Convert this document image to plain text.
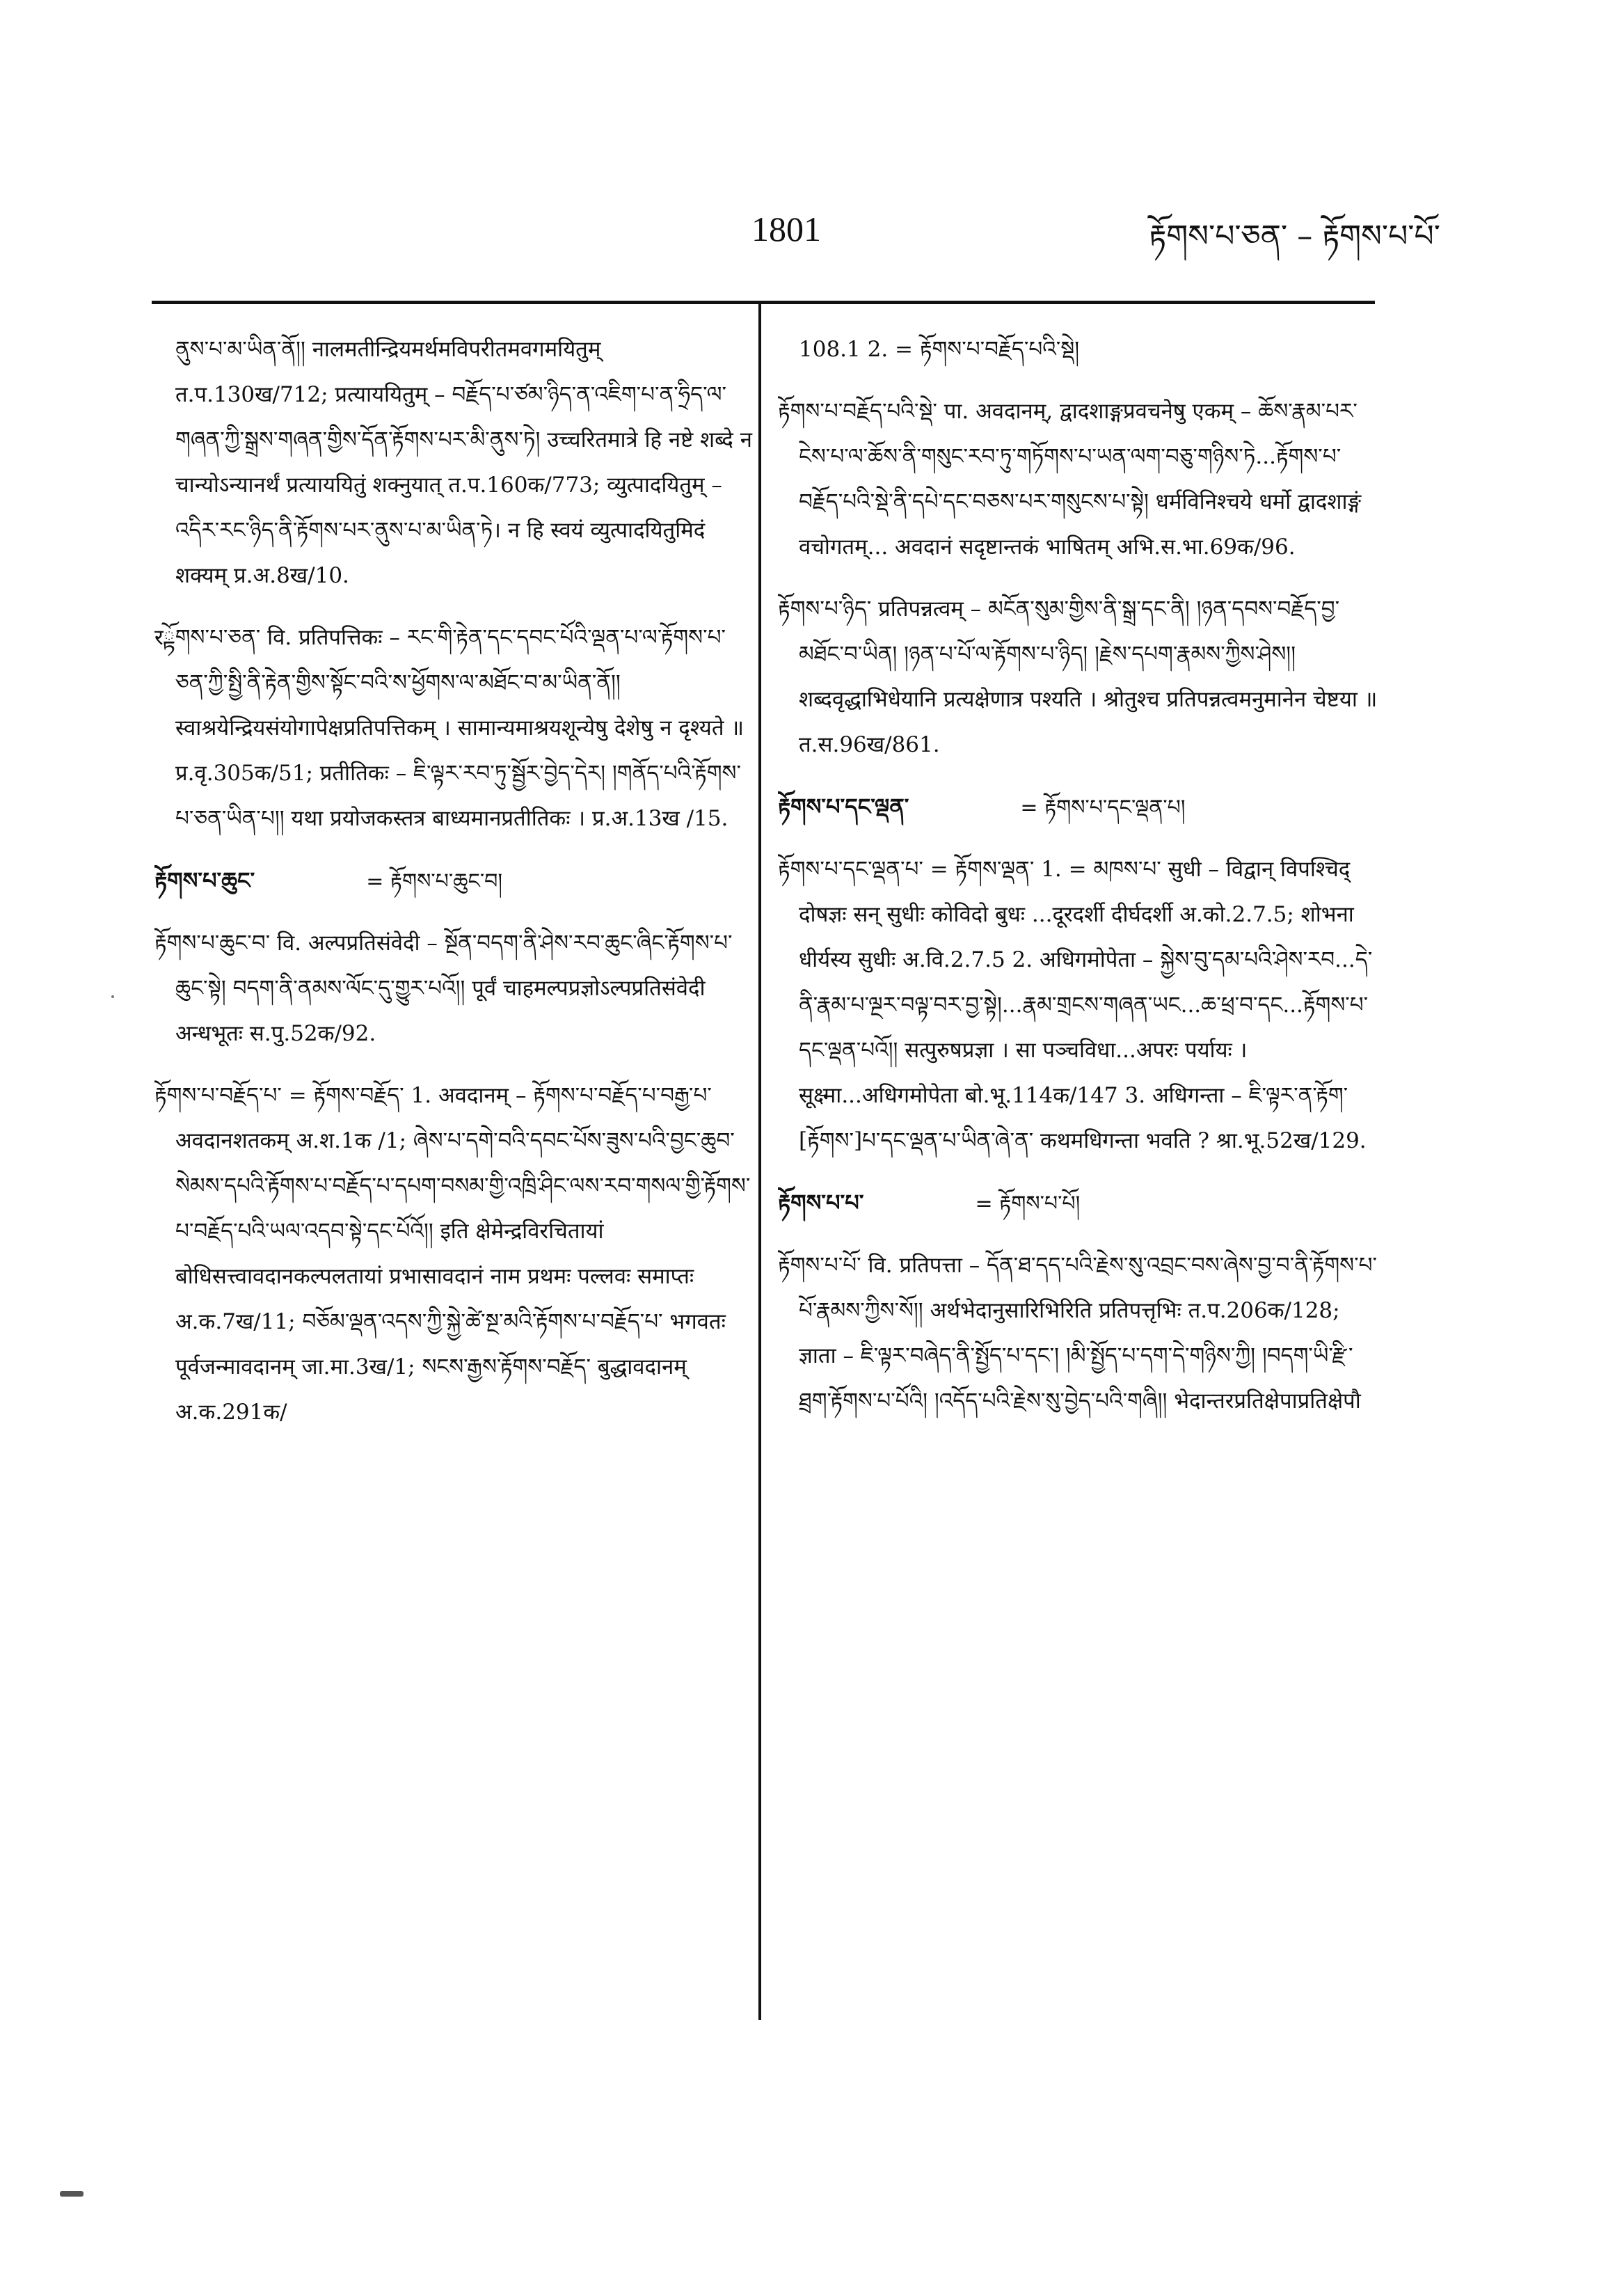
1801	རྟོགས་པ་ཅན་ – རྟོགས་པ་པོ་

ནུས་པ་མ་ཡིན་ནོ།། नालमतीन्द्रियमर्थमविपरीतमवगमयितुम् त.प.130ख/712; प्रत्याययितुम् – བརྗོད་པ་ཙམ་ཉིད་ན་འཇིག་པ་ན་ཧྲིད་ལ་གཞན་ཀྱི་སྒྲས་གཞན་གྱིས་དོན་རྟོགས་པར་མི་ནུས་ཏེ། उच्चरितमात्रे हि नष्टे शब्दे न चान्योऽन्यानर्थं प्रत्याययितुं शक्नुयात् त.प.160क/773; व्युत्पादयितुम् – འདིར་རང་ཉིད་ནི་རྟོགས་པར་ནུས་པ་མ་ཡིན་ཏེ। न हि स्वयं व्युत्पादयितुमिदं शक्यम् प्र.अ.8ख/10.

रྟོགས་པ་ཅན་ वि. प्रतिपत्तिकः – རང་གི་རྟེན་དང་དབང་པོའི་ལྡན་པ་ལ་རྟོགས་པ་ཅན་ཀྱི་སྤྱི་ནི་རྟེན་གྱིས་སྟོང་བའི་ས་ཕྱོགས་ལ་མཐོང་བ་མ་ཡིན་ནོ།། स्वाश्रयेन्द्रियसंयोगापेक्षप्रतिपत्तिकम् । सामान्यमाश्रयशून्येषु देशेषु न दृश्यते ॥ प्र.वृ.305क/51; प्रतीतिकः – ཇི་ལྟར་རབ་ཏུ་སྦྱོར་བྱེད་དེར། །གནོད་པའི་རྟོགས་པ་ཅན་ཡིན་པ།། यथा प्रयोजकस्तत्र बाध्यमानप्रतीतिकः । प्र.अ.13ख /15.

རྟོགས་པ་ཆུང་	= རྟོགས་པ་ཆུང་བ།

རྟོགས་པ་ཆུང་བ་ वि. अल्पप्रतिसंवेदी – སྔོན་བདག་ནི་ཤེས་རབ་ཆུང་ཞིང་རྟོགས་པ་ཆུང་སྟེ། བདག་ནི་ནམས་ལོང་དུ་གྱུར་པའོ།། पूर्वं चाहमल्पप्रज्ञोऽल्पप्रतिसंवेदी अन्धभूतः स.पु.52क/92.

རྟོགས་པ་བརྗོད་པ་ = རྟོགས་བརྗོད་ 1. अवदानम् – རྟོགས་པ་བརྗོད་པ་བརྒྱ་པ་ अवदानशतकम् अ.श.1क /1; ཞེས་པ་དགེ་བའི་དབང་པོས་ཟུས་པའི་བྱང་ཆུབ་སེམས་དཔའི་རྟོགས་པ་བརྗོད་པ་དཔག་བསམ་གྱི་འཁྲི་ཤིང་ལས་རབ་གསལ་གྱི་རྟོགས་པ་བརྗོད་པའི་ཡལ་འདབ་སྟེ་དང་པོའོ།། इति क्षेमेन्द्रविरचितायां बोधिसत्त्वावदानकल्पलतायां प्रभासावदानं नाम प्रथमः पल्लवः समाप्तः अ.क.7ख/11; བཅོམ་ལྡན་འདས་ཀྱི་སྐྱེ་ཚེ་སྔ་མའི་རྟོགས་པ་བརྗོད་པ་ भगवतः पूर्वजन्मावदानम् जा.मा.3ख/1; སངས་རྒྱས་རྟོགས་བརྗོད་ बुद्धावदानम् अ.क.291क/

108.1 2. = རྟོགས་པ་བརྗོད་པའི་སྡེ།

རྟོགས་པ་བརྗོད་པའི་སྡེ་ पा. अवदानम्, द्वादशाङ्गप्रवचनेषु एकम् – ཆོས་རྣམ་པར་ངེས་པ་ལ་ཆོས་ནི་གསུང་རབ་ཏུ་གཏོགས་པ་ཡན་ལག་བཅུ་གཉིས་ཏེ...རྟོགས་པ་བརྗོད་པའི་སྡེ་ནི་དཔེ་དང་བཅས་པར་གསུངས་པ་སྟེ། धर्मविनिश्चये धर्मो द्वादशाङ्गं वचोगतम्... अवदानं सदृष्टान्तकं भाषितम् अभि.स.भा.69क/96.

རྟོགས་པ་ཉིད་ प्रतिपन्नत्वम् – མངོན་སུམ་གྱིས་ནི་སྒྲ་དང་ནི། །ཉན་དབས་བརྗོད་བྱ་མཐོང་བ་ཡིན། །ཉན་པ་པོ་ལ་རྟོགས་པ་ཉིད། །རྗེས་དཔག་རྣམས་ཀྱིས་ཤེས།། शब्दवृद्धाभिधेयानि प्रत्यक्षेणात्र पश्यति । श्रोतुश्च प्रतिपन्नत्वमनुमानेन चेष्टया ॥ त.स.96ख/861.

རྟོགས་པ་དང་ལྡན་	= རྟོགས་པ་དང་ལྡན་པ།

རྟོགས་པ་དང་ལྡན་པ་ = རྟོགས་ལྡན་ 1. = མཁས་པ་ सुधी – विद्वान् विपश्चिद् दोषज्ञः सन् सुधीः कोविदो बुधः ...दूरदर्शी दीर्घदर्शी अ.को.2.7.5; शोभना धीर्यस्य सुधीः अ.वि.2.7.5 2. अधिगमोपेता – སྐྱེས་བུ་དམ་པའི་ཤེས་རབ...དེ་ནི་རྣམ་པ་ལྔར་བལྟ་བར་བྱ་སྟེ།...རྣམ་གྲངས་གཞན་ཡང...ཆ་ཕྲ་བ་དང...རྟོགས་པ་དང་ལྡན་པའོ།། सत्पुरुषप्रज्ञा । सा पञ्चविधा...अपरः पर्यायः । सूक्ष्मा...अधिगमोपेता बो.भू.114क/147 3. अधिगन्ता – ཇི་ལྟར་ན་རྟོག་[རྟོགས་]པ་དང་ལྡན་པ་ཡིན་ཞེ་ན་ कथमधिगन्ता भवति ? श्रा.भू.52ख/129.

རྟོགས་པ་པ་	= རྟོགས་པ་པོ།

རྟོགས་པ་པོ་ वि. प्रतिपत्ता – དོན་ཐ་དད་པའི་རྗེས་སུ་འབྲང་བས་ཞེས་བྱ་བ་ནི་རྟོགས་པ་པོ་རྣམས་ཀྱིས་སོ།། अर्थभेदानुसारिभिरिति प्रतिपत्तृभिः त.प.206क/128; ज्ञाता – ཇི་ལྟར་བཞེད་ནི་སྤྱོད་པ་དང་། །མི་སྤྱོད་པ་དག་དེ་གཉིས་ཀྱི། །བདག་ཡི་རྫི་ཐྲག་རྟོགས་པ་པོའི། །འདོད་པའི་རྗེས་སུ་བྱེད་པའི་གཞི།། भेदान्तरप्रतिक्षेपाप्रतिक्षेपौ
